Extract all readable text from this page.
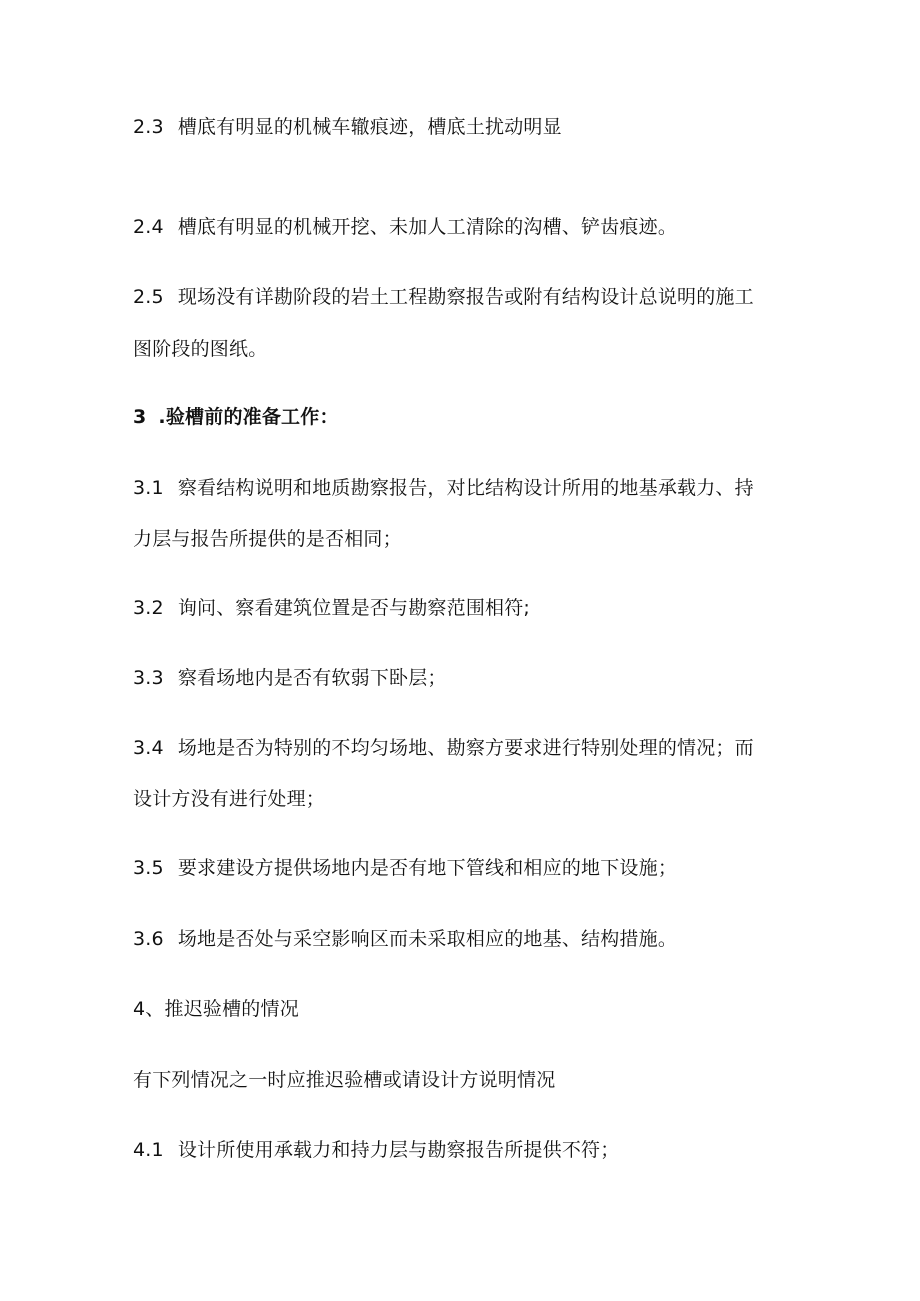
2.3 槽底有明显的机械车辙痕迹，槽底土扰动明显
2.4 槽底有明显的机械开挖、未加人工清除的沟槽、铲齿痕迹。
2.5 现场没有详勘阶段的岩土工程勘察报告或附有结构设计总说明的施工
图阶段的图纸。
3 .验槽前的准备工作：
3.1 察看结构说明和地质勘察报告，对比结构设计所用的地基承载力、持
力层与报告所提供的是否相同；
3.2 询问、察看建筑位置是否与勘察范围相符;
3.3 察看场地内是否有软弱下卧层；
3.4 场地是否为特别的不均匀场地、勘察方要求进行特别处理的情况；而
设计方没有进行处理；
3.5 要求建设方提供场地内是否有地下管线和相应的地下设施；
3.6 场地是否处与采空影响区而未采取相应的地基、结构措施。
4、推迟验槽的情况
有下列情况之一时应推迟验槽或请设计方说明情况
4.1 设计所使用承载力和持力层与勘察报告所提供不符；
